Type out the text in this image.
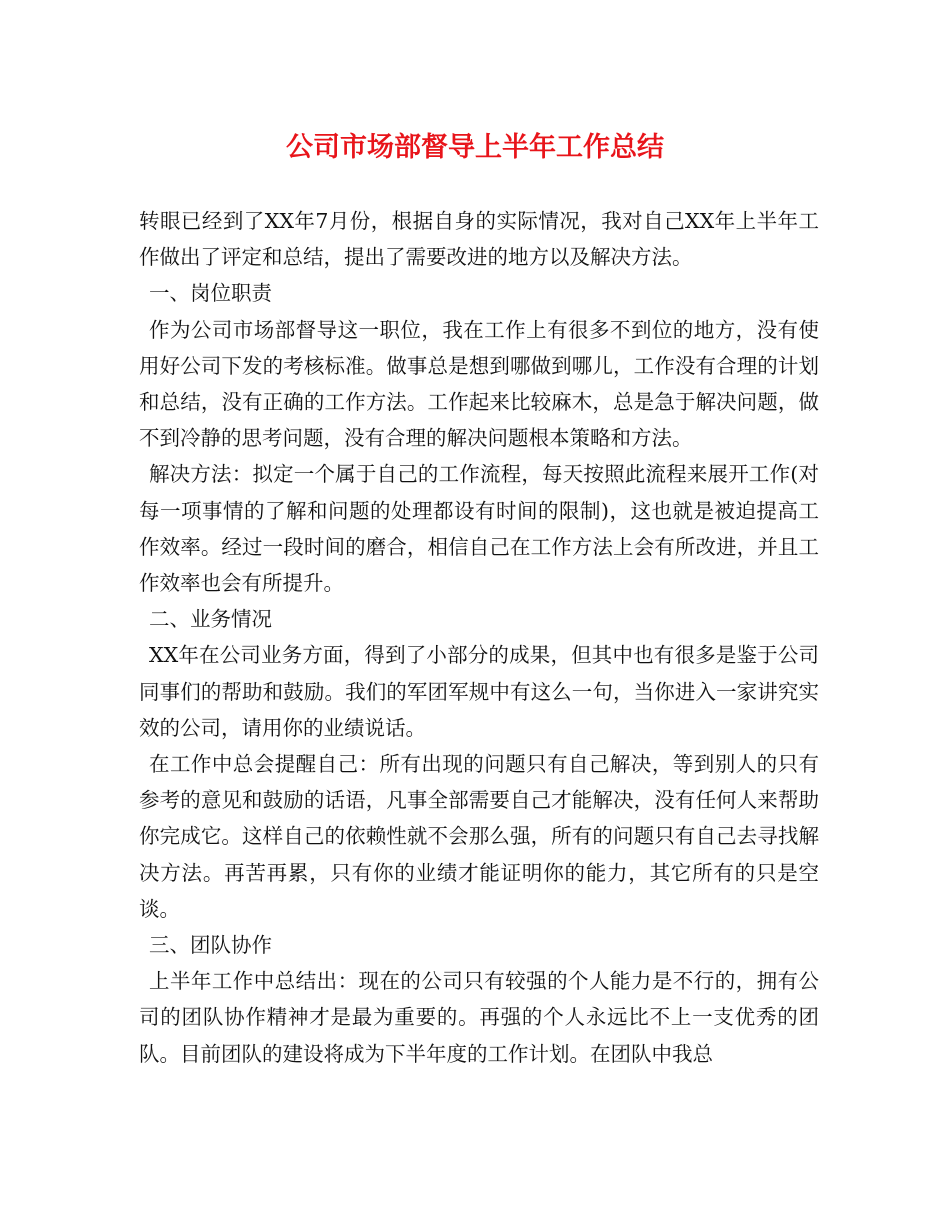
公司市场部督导上半年工作总结

转眼已经到了XX年7月份，根据自身的实际情况，我对自己XX年上半年工作做出了评定和总结，提出了需要改进的地方以及解决方法。

一、岗位职责

作为公司市场部督导这一职位，我在工作上有很多不到位的地方，没有使用好公司下发的考核标准。做事总是想到哪做到哪儿，工作没有合理的计划和总结，没有正确的工作方法。工作起来比较麻木，总是急于解决问题，做不到冷静的思考问题，没有合理的解决问题根本策略和方法。

解决方法：拟定一个属于自己的工作流程，每天按照此流程来展开工作(对每一项事情的了解和问题的处理都设有时间的限制)，这也就是被迫提高工作效率。经过一段时间的磨合，相信自己在工作方法上会有所改进，并且工作效率也会有所提升。

二、业务情况

XX年在公司业务方面，得到了小部分的成果，但其中也有很多是鉴于公司同事们的帮助和鼓励。我们的军团军规中有这么一句，当你进入一家讲究实效的公司，请用你的业绩说话。

在工作中总会提醒自己：所有出现的问题只有自己解决，等到别人的只有参考的意见和鼓励的话语，凡事全部需要自己才能解决，没有任何人来帮助你完成它。这样自己的依赖性就不会那么强，所有的问题只有自己去寻找解决方法。再苦再累，只有你的业绩才能证明你的能力，其它所有的只是空谈。

三、团队协作

上半年工作中总结出：现在的公司只有较强的个人能力是不行的，拥有公司的团队协作精神才是最为重要的。再强的个人永远比不上一支优秀的团队。目前团队的建设将成为下半年度的工作计划。在团队中我总
